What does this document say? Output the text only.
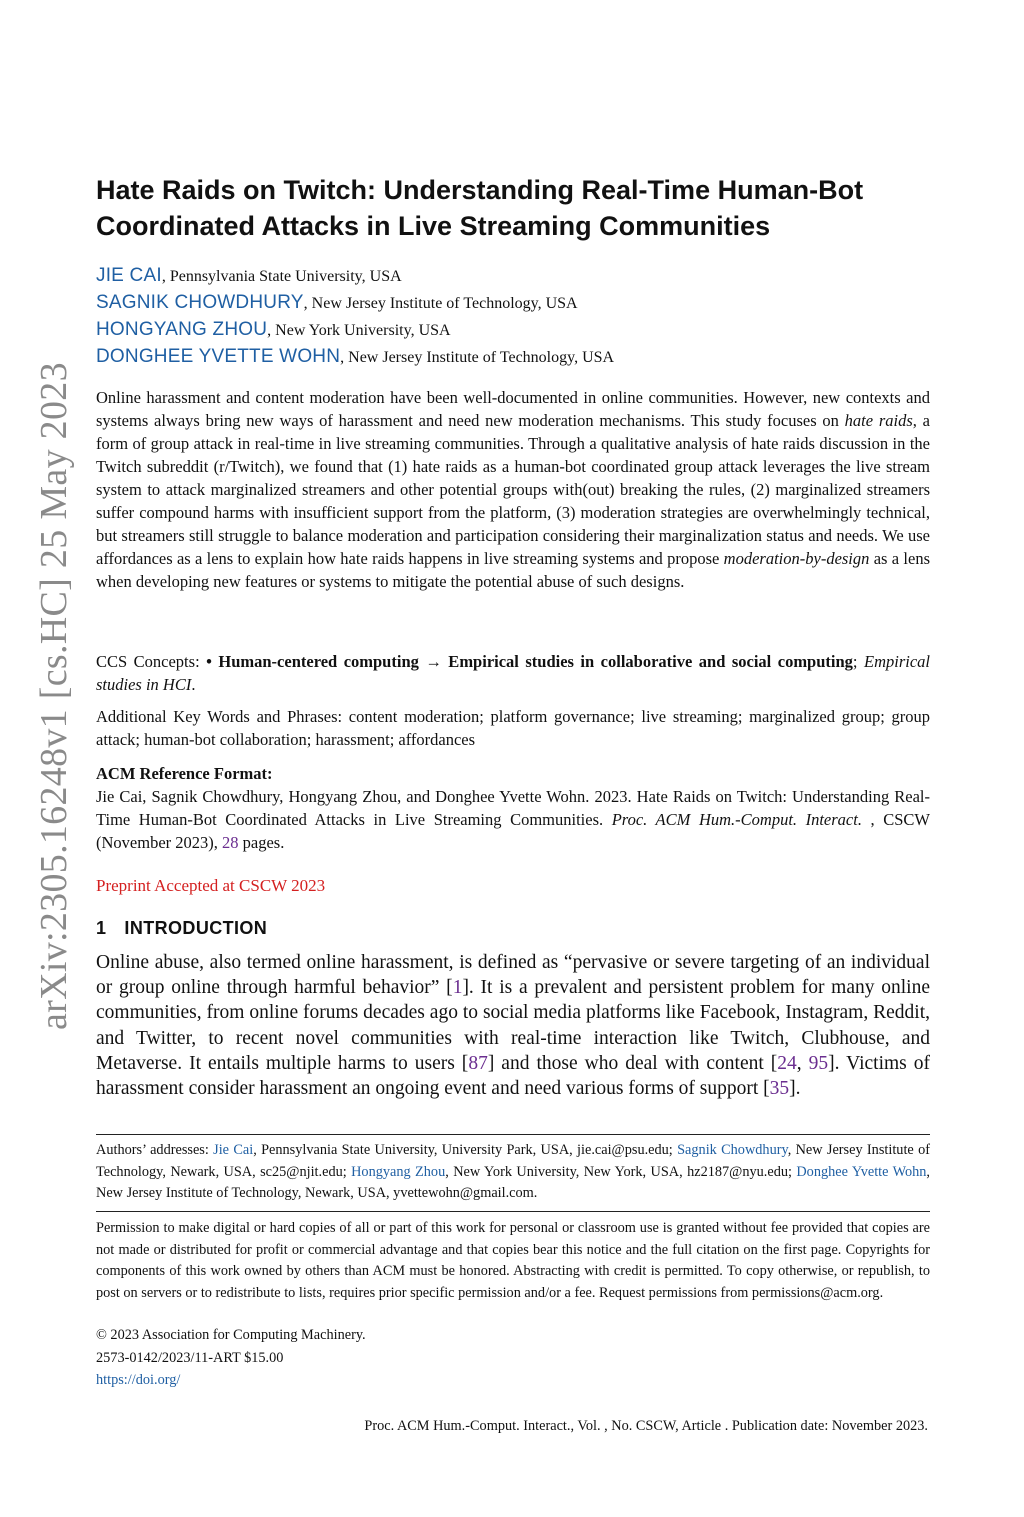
arXiv:2305.16248v1 [cs.HC] 25 May 2023
Hate Raids on Twitch: Understanding Real-Time Human-Bot
Coordinated Attacks in Live Streaming Communities
JIE CAI, Pennsylvania State University, USA
SAGNIK CHOWDHURY, New Jersey Institute of Technology, USA
HONGYANG ZHOU, New York University, USA
DONGHEE YVETTE WOHN, New Jersey Institute of Technology, USA
Online harassment and content moderation have been well-documented in online communities. However, new contexts and systems always bring new ways of harassment and need new moderation mechanisms. This study focuses on hate raids, a form of group attack in real-time in live streaming communities. Through a qualitative analysis of hate raids discussion in the Twitch subreddit (r/Twitch), we found that (1) hate raids as a human-bot coordinated group attack leverages the live stream system to attack marginalized streamers and other potential groups with(out) breaking the rules, (2) marginalized streamers suffer compound harms with insufficient support from the platform, (3) moderation strategies are overwhelmingly technical, but streamers still struggle to balance moderation and participation considering their marginalization status and needs. We use affordances as a lens to explain how hate raids happens in live streaming systems and propose moderation-by-design as a lens when developing new features or systems to mitigate the potential abuse of such designs.
CCS Concepts: • Human-centered computing → Empirical studies in collaborative and social computing; Empirical studies in HCI.
Additional Key Words and Phrases: content moderation; platform governance; live streaming; marginalized group; group attack; human-bot collaboration; harassment; affordances
ACM Reference Format:
Jie Cai, Sagnik Chowdhury, Hongyang Zhou, and Donghee Yvette Wohn. 2023. Hate Raids on Twitch: Understanding Real-Time Human-Bot Coordinated Attacks in Live Streaming Communities. Proc. ACM Hum.-Comput. Interact. , CSCW (November 2023), 28 pages.
Preprint Accepted at CSCW 2023
1 INTRODUCTION
Online abuse, also termed online harassment, is defined as “pervasive or severe targeting of an individual or group online through harmful behavior” [1]. It is a prevalent and persistent problem for many online communities, from online forums decades ago to social media platforms like Facebook, Instagram, Reddit, and Twitter, to recent novel communities with real-time interaction like Twitch, Clubhouse, and Metaverse. It entails multiple harms to users [87] and those who deal with content [24, 95]. Victims of harassment consider harassment an ongoing event and need various forms of support [35].
Authors’ addresses: Jie Cai, Pennsylvania State University, University Park, USA, jie.cai@psu.edu; Sagnik Chowdhury, New Jersey Institute of Technology, Newark, USA, sc25@njit.edu; Hongyang Zhou, New York University, New York, USA, hz2187@nyu.edu; Donghee Yvette Wohn, New Jersey Institute of Technology, Newark, USA, yvettewohn@gmail.com.
Permission to make digital or hard copies of all or part of this work for personal or classroom use is granted without fee provided that copies are not made or distributed for profit or commercial advantage and that copies bear this notice and the full citation on the first page. Copyrights for components of this work owned by others than ACM must be honored. Abstracting with credit is permitted. To copy otherwise, or republish, to post on servers or to redistribute to lists, requires prior specific permission and/or a fee. Request permissions from permissions@acm.org.
© 2023 Association for Computing Machinery.
2573-0142/2023/11-ART $15.00
https://doi.org/
Proc. ACM Hum.-Comput. Interact., Vol. , No. CSCW, Article . Publication date: November 2023.
